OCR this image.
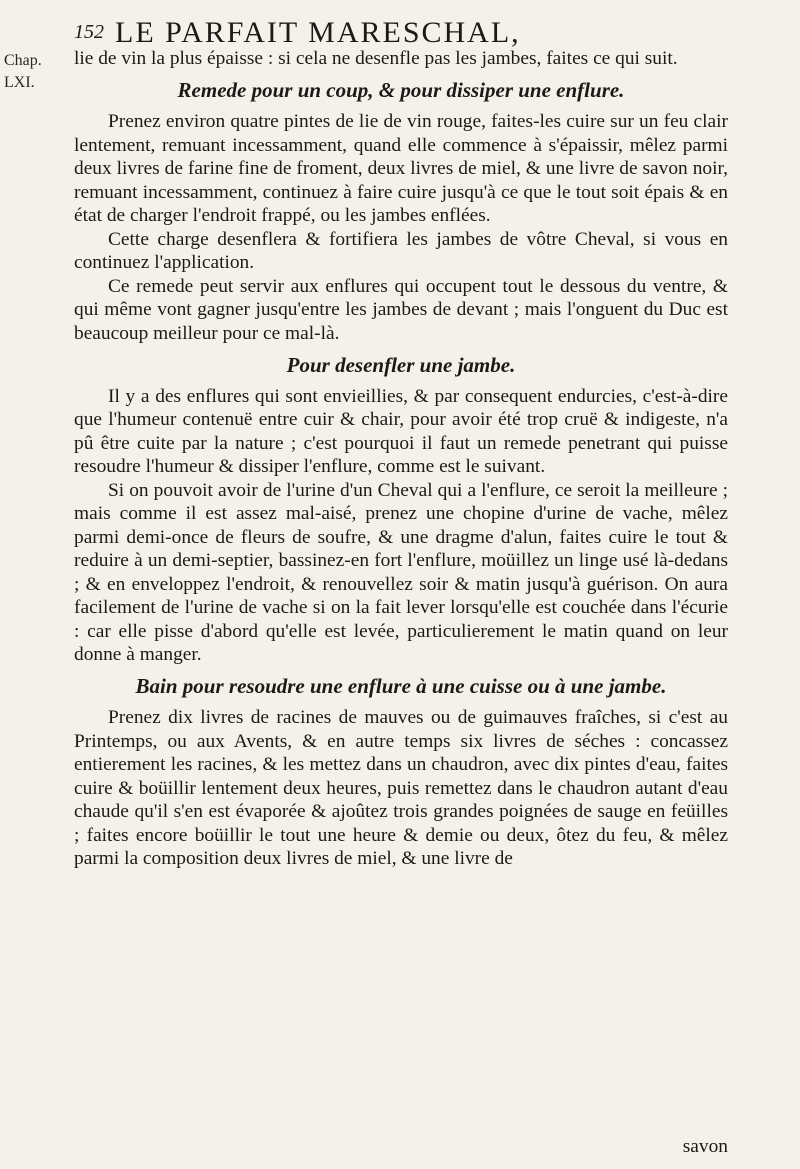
152 LE PARFAIT MARESCHAL,
Chap.
LXI.

lie de vin la plus épaisse : si cela ne desenfle pas les jambes, faites ce qui suit.

Remede pour un coup, & pour dissiper une enflure.

Prenez environ quatre pintes de lie de vin rouge, faites-les cuire sur un feu clair lentement, remuant incessamment, quand elle commence à s'épaissir, mêlez parmi deux livres de farine fine de froment, deux livres de miel, & une livre de savon noir, remuant incessamment, continuez à faire cuire jusqu'à ce que le tout soit épais & en état de charger l'endroit frappé, ou les jambes enflées.

Cette charge desenflera & fortifiera les jambes de vôtre Cheval, si vous en continuez l'application.

Ce remede peut servir aux enflures qui occupent tout le dessous du ventre, & qui même vont gagner jusqu'entre les jambes de devant ; mais l'onguent du Duc est beaucoup meilleur pour ce mal-là.

Pour desenfler une jambe.

Il y a des enflures qui sont envieillies, & par consequent endurcies, c'est-à-dire que l'humeur contenuë entre cuir & chair, pour avoir été trop cruë & indigeste, n'a pû être cuite par la nature ; c'est pourquoi il faut un remede penetrant qui puisse resoudre l'humeur & dissiper l'enflure, comme est le suivant.

Si on pouvoit avoir de l'urine d'un Cheval qui a l'enflure, ce seroit la meilleure ; mais comme il est assez mal-aisé, prenez une chopine d'urine de vache, mêlez parmi demi-once de fleurs de soufre, & une dragme d'alun, faites cuire le tout & reduire à un demi-septier, bassinez-en fort l'enflure, moüillez un linge usé là-dedans ; & en enveloppez l'endroit, & renouvellez soir & matin jusqu'à guérison. On aura facilement de l'urine de vache si on la fait lever lorsqu'elle est couchée dans l'écurie : car elle pisse d'abord qu'elle est levée, particulierement le matin quand on leur donne à manger.

Bain pour resoudre une enflure à une cuisse ou à une jambe.

Prenez dix livres de racines de mauves ou de guimauves fraîches, si c'est au Printemps, ou aux Avents, & en autre temps six livres de séches : concassez entierement les racines, & les mettez dans un chaudron, avec dix pintes d'eau, faites cuire & boüillir lentement deux heures, puis remettez dans le chaudron autant d'eau chaude qu'il s'en est évaporée & ajoûtez trois grandes poignées de sauge en feüilles ; faites encore boüillir le tout une heure & demie ou deux, ôtez du feu, & mêlez parmi la composition deux livres de miel, & une livre de

savon
